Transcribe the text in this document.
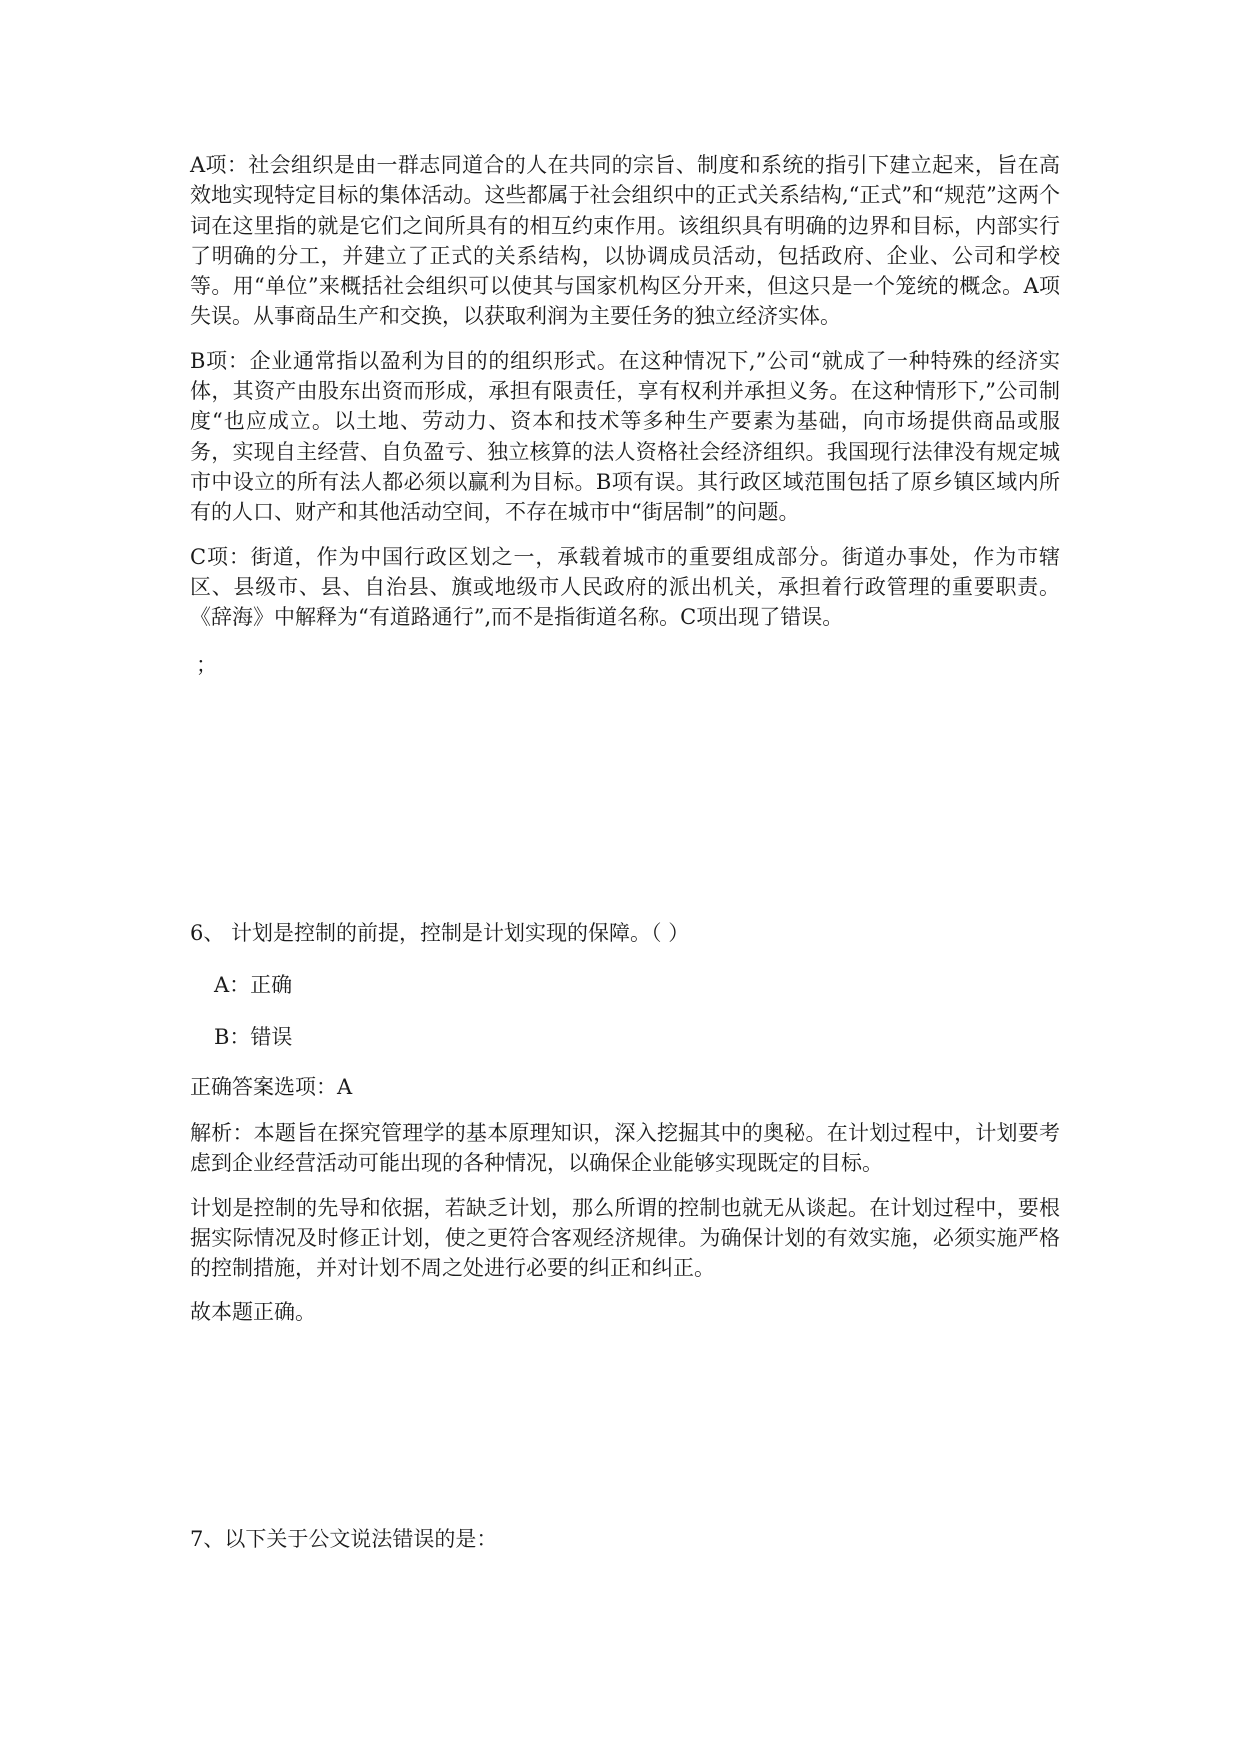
A项：社会组织是由一群志同道合的人在共同的宗旨、制度和系统的指引下建立起来，旨在高效地实现特定目标的集体活动。这些都属于社会组织中的正式关系结构,“正式”和“规范”这两个词在这里指的就是它们之间所具有的相互约束作用。该组织具有明确的边界和目标，内部实行了明确的分工，并建立了正式的关系结构，以协调成员活动，包括政府、企业、公司和学校等。用“单位”来概括社会组织可以使其与国家机构区分开来，但这只是一个笼统的概念。A项失误。从事商品生产和交换，以获取利润为主要任务的独立经济实体。

B项：企业通常指以盈利为目的的组织形式。在这种情况下,”公司“就成了一种特殊的经济实体，其资产由股东出资而形成，承担有限责任，享有权利并承担义务。在这种情形下,”公司制度“也应成立。以土地、劳动力、资本和技术等多种生产要素为基础，向市场提供商品或服务，实现自主经营、自负盈亏、独立核算的法人资格社会经济组织。我国现行法律没有规定城市中设立的所有法人都必须以赢利为目标。B项有误。其行政区域范围包括了原乡镇区域内所有的人口、财产和其他活动空间，不存在城市中“街居制”的问题。

C项：街道，作为中国行政区划之一，承载着城市的重要组成部分。街道办事处，作为市辖区、县级市、县、自治县、旗或地级市人民政府的派出机关，承担着行政管理的重要职责。《辞海》中解释为“有道路通行”,而不是指街道名称。C项出现了错误。

；

6、 计划是控制的前提，控制是计划实现的保障。（ ）

A：正确
B：错误
正确答案选项：A

解析：本题旨在探究管理学的基本原理知识，深入挖掘其中的奥秘。在计划过程中，计划要考虑到企业经营活动可能出现的各种情况，以确保企业能够实现既定的目标。

计划是控制的先导和依据，若缺乏计划，那么所谓的控制也就无从谈起。在计划过程中，要根据实际情况及时修正计划，使之更符合客观经济规律。为确保计划的有效实施，必须实施严格的控制措施，并对计划不周之处进行必要的纠正和纠正。

故本题正确。

7、以下关于公文说法错误的是：
